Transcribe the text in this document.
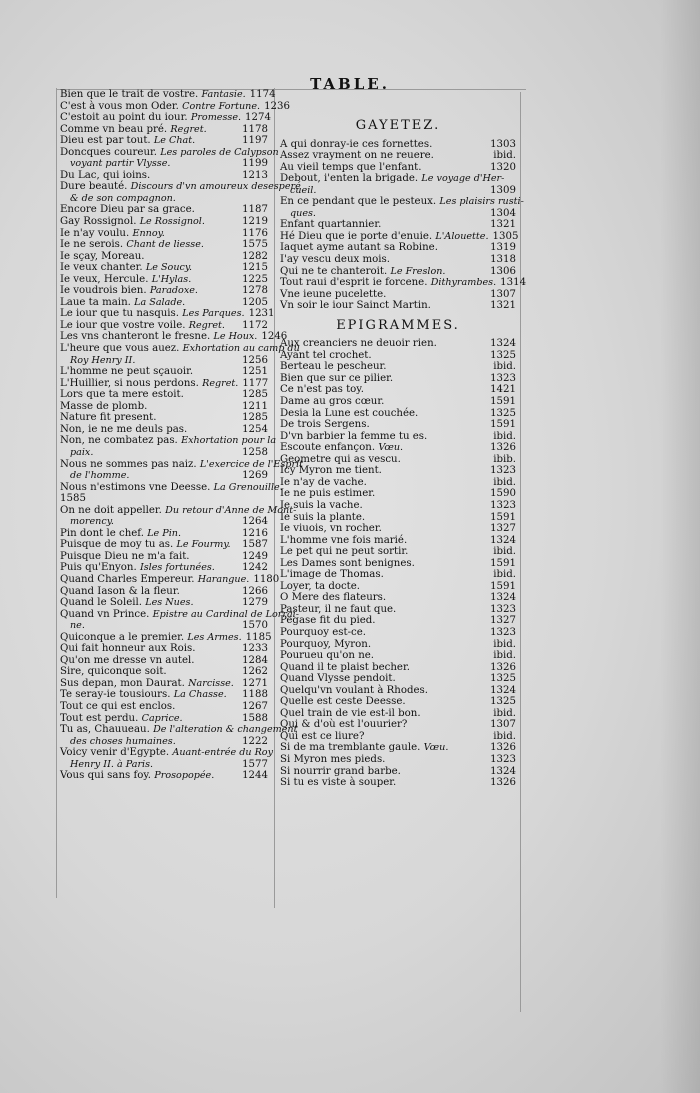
TABLE.
Bien que le trait de vostre. Fantasie. 1174
C'est à vous mon Oder. Contre Fortune. 1236
C'estoit au point du iour. Promesse. 1274
Comme vn beau pré. Regret.	1178
Dieu est par tout. Le Chat.	1197
Doncques coureur. Les paroles de Calypson
voyant partir Vlysse.	1199
Du Lac, qui ioins.	1213
Dure beauté. Discours d'vn amoureux desesperé
& de son compagnon.
Encore Dieu par sa grace.	1187
Gay Rossignol. Le Rossignol.	1219
Ie n'ay voulu. Ennoy.	1176
Ie ne serois. Chant de liesse.	1575
Ie sçay, Moreau.	1282
Ie veux chanter. Le Soucy.	1215
Ie veux, Hercule. L'Hylas.	1225
Ie voudrois bien. Paradoxe.	1278
Laue ta main. La Salade.	1205
Le iour que tu nasquis. Les Parques. 1231
Le iour que vostre voile. Regret.	1172
Les vns chanteront le fresne. Le Houx. 1246
L'heure que vous auez. Exhortation au camp du
Roy Henry II.	1256
L'homme ne peut sçauoir.	1251
L'Huillier, si nous perdons. Regret. 1177
Lors que ta mere estoit.	1285
Masse de plomb.	1211
Nature fit present.	1285
Non, ie ne me deuls pas.	1254
Non, ne combatez pas. Exhortation pour la
paix.	1258
Nous ne sommes pas naiz. L'exercice de l'Esprit
de l'homme.	1269
Nous n'estimons vne Deesse. La Grenouille.
1585
On ne doit appeller. Du retour d'Anne de Mont-
morency.	1264
Pin dont le chef. Le Pin.	1216
Puisque de moy tu as. Le Fourmy.	1587
Puisque Dieu ne m'a fait.	1249
Puis qu'Enyon. Isles fortunées.	1242
Quand Charles Empereur. Harangue. 1180
Quand Iason & la fleur.	1266
Quand le Soleil. Les Nues.	1279
Quand vn Prince. Epistre au Cardinal de Lorrai-
ne.	1570
Quiconque a le premier. Les Armes. 1185
Qui fait honneur aux Rois.	1233
Qu'on me dresse vn autel.	1284
Sire, quiconque soit.	1262
Sus depan, mon Daurat. Narcisse. 1271
Te seray-ie tousiours. La Chasse.	1188
Tout ce qui est enclos.	1267
Tout est perdu. Caprice.	1588
Tu as, Chauueau. De l'alteration & changement
des choses humaines.	1222
Voicy venir d'Egypte. Auant-entrée du Roy
Henry II. à Paris.	1577
Vous qui sans foy. Prosopopée.	1244
GAYETEZ.
A qui donray-ie ces fornettes.	1303
Assez vrayment on ne reuere.	ibid.
Au vieil temps que l'enfant.	1320
Debout, i'enten la brigade. Le voyage d'Her-
cueil.	1309
En ce pendant que le pesteux. Les plaisirs rusti-
ques.	1304
Enfant quartannier.	1321
Hé Dieu que ie porte d'enuie. L'Alouette. 1305
Iaquet ayme autant sa Robine.	1319
I'ay vescu deux mois.	1318
Qui ne te chanteroit. Le Freslon.	1306
Tout raui d'esprit ie forcene. Dithyrambes. 1314
Vne ieune pucelette.	1307
Vn soir le iour Sainct Martin.	1321
EPIGRAMMES.
Aux creanciers ne deuoir rien.	1324
Ayant tel crochet.	1325
Berteau le pescheur.	ibid.
Bien que sur ce pilier.	1323
Ce n'est pas toy.	1421
Dame au gros cœur.	1591
Desia la Lune est couchée.	1325
De trois Sergens.	1591
D'vn barbier la femme tu es.	ibid.
Escoute enfançon. Vœu.	1326
Geometre qui as vescu.	ibib.
Icy Myron me tient.	1323
Ie n'ay de vache.	ibid.
Ie ne puis estimer.	1590
Ie suis la vache.	1323
Ie suis la plante.	1591
Ie viuois, vn rocher.	1327
L'homme vne fois marié.	1324
Le pet qui ne peut sortir.	ibid.
Les Dames sont benignes.	1591
L'image de Thomas.	ibid.
Loyer, ta docte.	1591
O Mere des flateurs.	1324
Pasteur, il ne faut que.	1323
Pegase fit du pied.	1327
Pourquoy est-ce.	1323
Pourquoy, Myron.	ibid.
Pourueu qu'on ne.	ibid.
Quand il te plaist becher.	1326
Quand Vlysse pendoit.	1325
Quelqu'vn voulant à Rhodes.	1324
Quelle est ceste Deesse.	1325
Quel train de vie est-il bon.	ibid.
Qui & d'où est l'ouurier?	1307
Qui est ce liure?	ibid.
Si de ma tremblante gaule. Vœu.	1326
Si Myron mes pieds.	1323
Si nourrir grand barbe.	1324
Si tu es viste à souper.	1326
